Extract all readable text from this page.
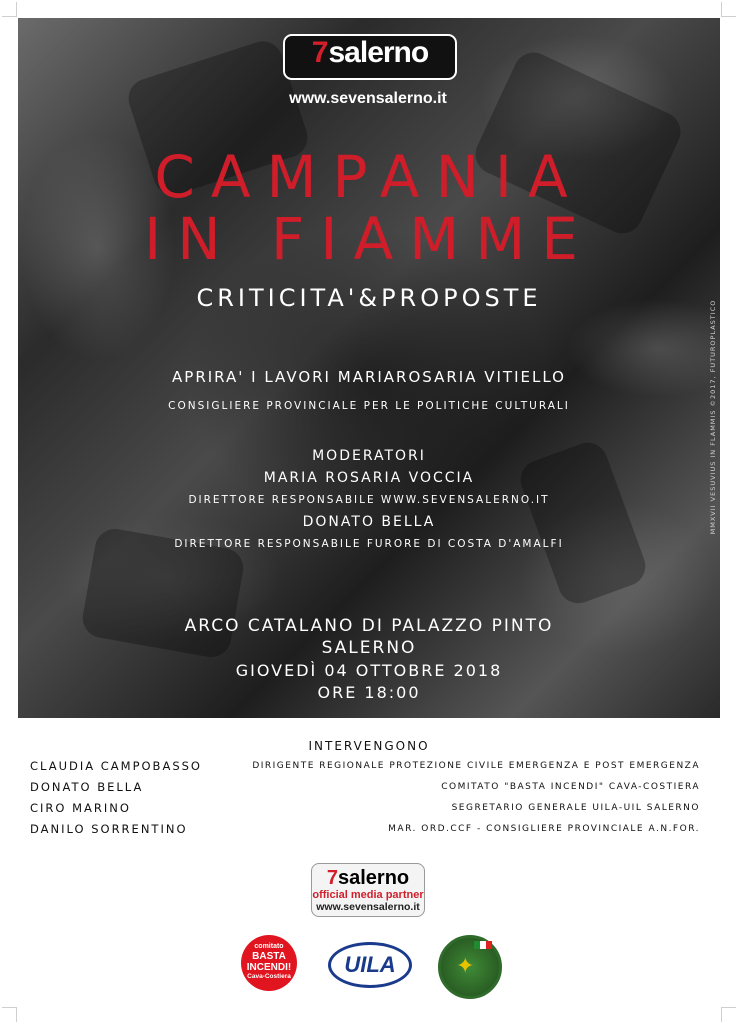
7salerno
www.sevensalerno.it
CAMPANIA
IN FIAMME
CRITICITA'&PROPOSTE
APRIRA' I LAVORI MARIAROSARIA VITIELLO
CONSIGLIERE PROVINCIALE PER LE POLITICHE CULTURALI
MODERATORI
MARIA ROSARIA VOCCIA
DIRETTORE RESPONSABILE WWW.SEVENSALERNO.IT
DONATO BELLA
DIRETTORE RESPONSABILE FURORE DI COSTA D'AMALFI
ARCO CATALANO DI PALAZZO PINTO
SALERNO
GIOVEDÌ 04 OTTOBRE 2018
ORE 18:00
MMXVII VESUVIUS IN FLAMMIS ©2017, FUTUROPLASTICO
INTERVENGONO
CLAUDIA CAMPOBASSO	DIRIGENTE REGIONALE PROTEZIONE CIVILE EMERGENZA E POST EMERGENZA
DONATO BELLA	COMITATO "BASTA INCENDI" CAVA-COSTIERA
CIRO MARINO	SEGRETARIO GENERALE UILA-UIL SALERNO
DANILO SORRENTINO	MAR. ORD.CCF - CONSIGLIERE PROVINCIALE A.N.FOR.
7salerno
official media partner
www.sevensalerno.it
comitato
BASTA
INCENDI!
Cava-Costiera	UILA	✦
